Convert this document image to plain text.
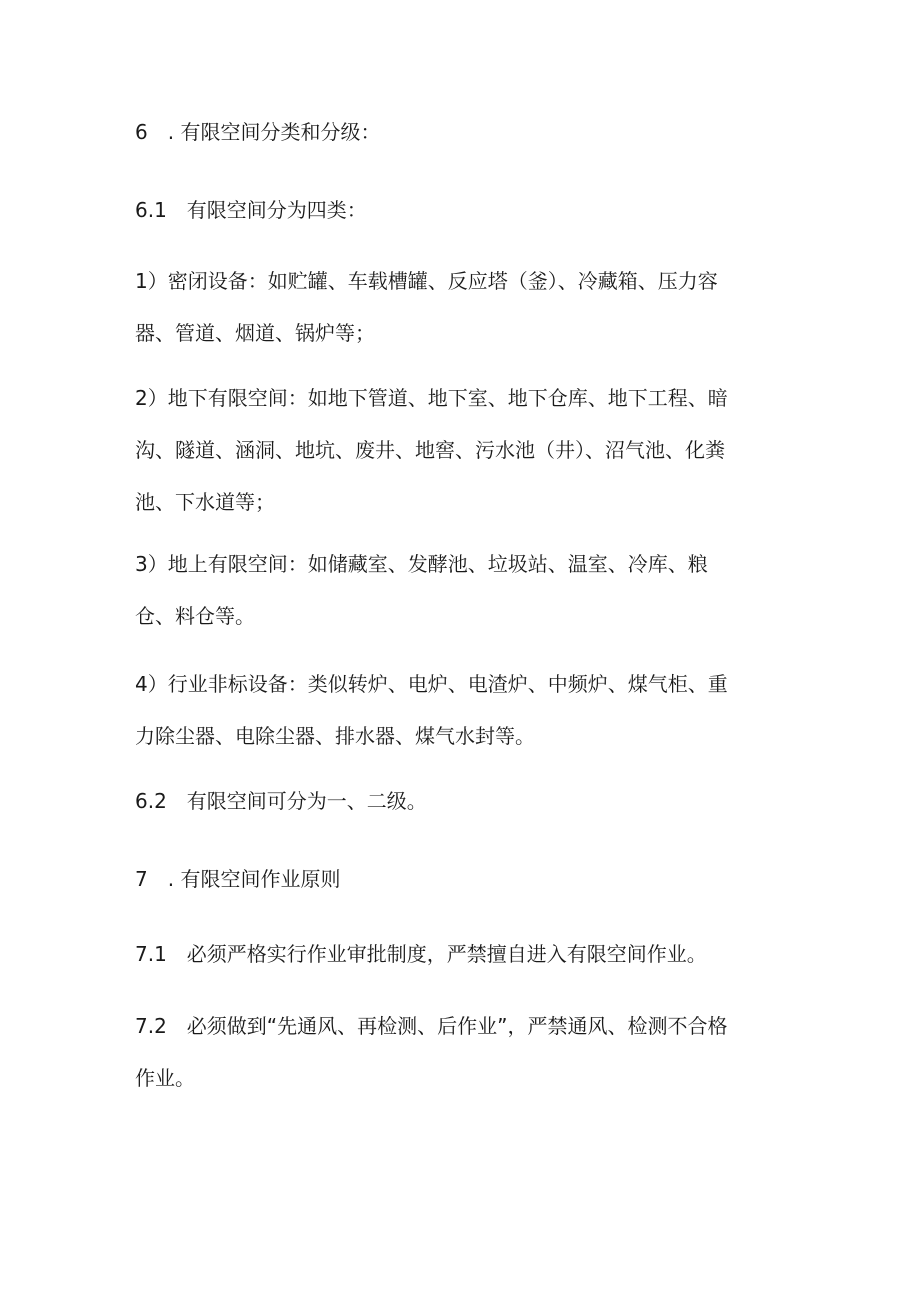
6　. 有限空间分类和分级：
6.1　有限空间分为四类：
1）密闭设备：如贮罐、车载槽罐、反应塔（釜）、冷藏箱、压力容
器、管道、烟道、锅炉等；
2）地下有限空间：如地下管道、地下室、地下仓库、地下工程、暗
沟、隧道、涵洞、地坑、废井、地窖、污水池（井）、沼气池、化粪
池、下水道等；
3）地上有限空间：如储藏室、发酵池、垃圾站、温室、冷库、粮
仓、料仓等。
4）行业非标设备：类似转炉、电炉、电渣炉、中频炉、煤气柜、重
力除尘器、电除尘器、排水器、煤气水封等。
6.2　有限空间可分为一、二级。
7　. 有限空间作业原则
7.1　必须严格实行作业审批制度，严禁擅自进入有限空间作业。
7.2　必须做到“先通风、再检测、后作业”，严禁通风、检测不合格
作业。
